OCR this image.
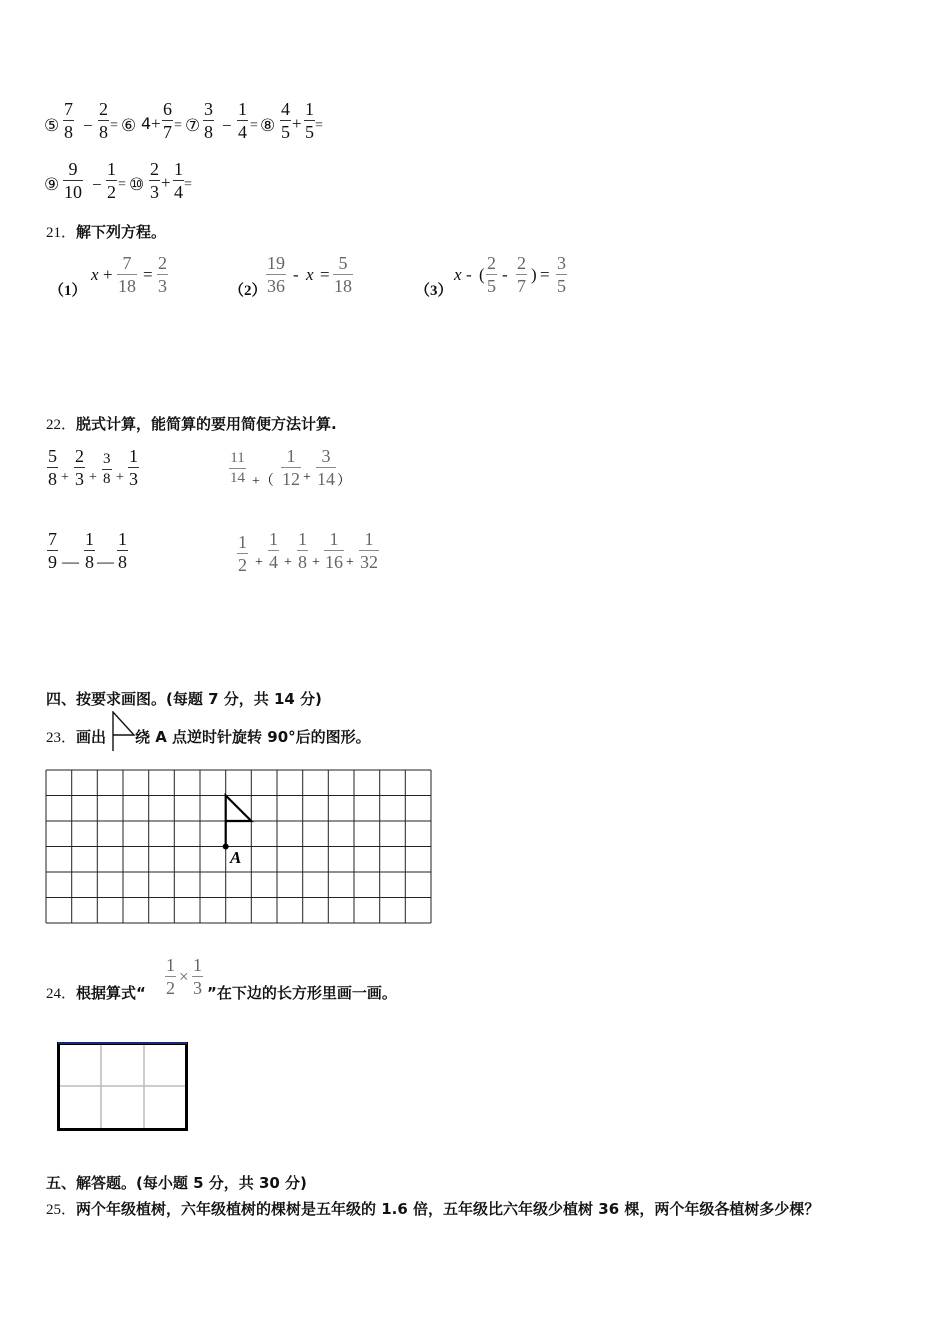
⑤
7
8 −
2
8 = ⑥ 4 +
6
7 = ⑦
3
8 −
1
4 = ⑧
4
5 +
1
5 =
⑨
9
10 −
1
2 = ⑩
2
3 +
1
4 =
21．解下列方程。
（1）
x +
7
18
=
2
3	（2）
19
36
- x =
5
18	（3）
x - (
2
5
-
2
7
) =
3
5
22．脱式计算，能简算的要用简便方法计算.
5
8 +
2
3 +
3
8 +
1
3
11
14 +（
1
12 +
3
14 ）
7
9 —
1
8 —
1
8
1
2 +
1
4 +
1
8 +
1
16 +
1
32
四、按要求画图。(每题 7 分，共 14 分)
23．画出 绕 A 点逆时针旋转 90°后的图形。
A
24．根据算式“
1
2
×
1
3 ”在下边的长方形里画一画。
五、解答题。(每小题 5 分，共 30 分)
25．两个年级植树，六年级植树的棵树是五年级的 1.6 倍，五年级比六年级少植树 36 棵，两个年级各植树多少棵？
